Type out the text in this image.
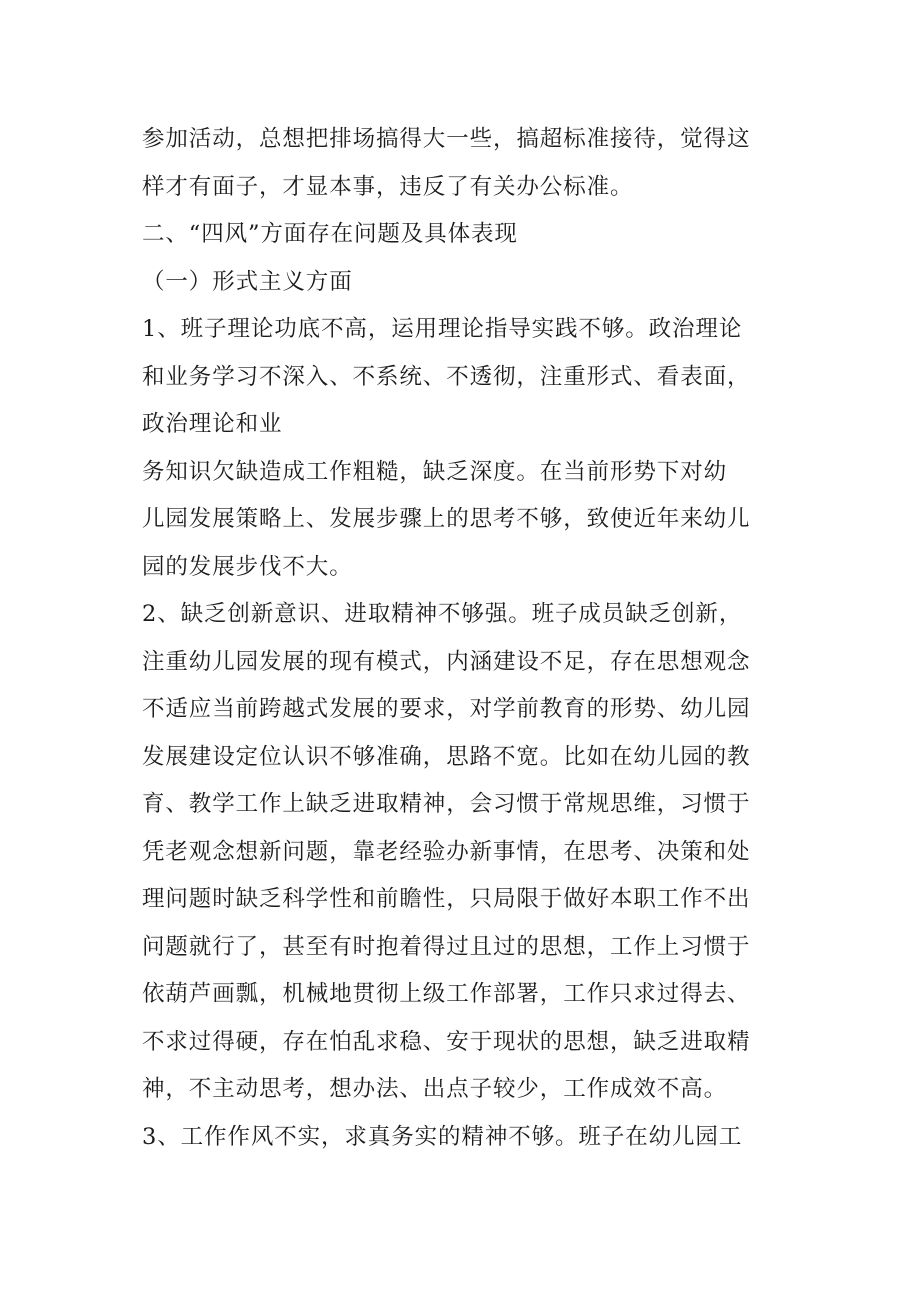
参加活动，总想把排场搞得大一些，搞超标准接待，觉得这
样才有面子，才显本事，违反了有关办公标准。
二、“四风”方面存在问题及具体表现
（一）形式主义方面
1、班子理论功底不高，运用理论指导实践不够。政治理论
和业务学习不深入、不系统、不透彻，注重形式、看表面，
政治理论和业
务知识欠缺造成工作粗糙，缺乏深度。在当前形势下对幼
儿园发展策略上、发展步骤上的思考不够，致使近年来幼儿
园的发展步伐不大。
2、缺乏创新意识、进取精神不够强。班子成员缺乏创新，
注重幼儿园发展的现有模式，内涵建设不足，存在思想观念
不适应当前跨越式发展的要求，对学前教育的形势、幼儿园
发展建设定位认识不够准确，思路不宽。比如在幼儿园的教
育、教学工作上缺乏进取精神，会习惯于常规思维，习惯于
凭老观念想新问题，靠老经验办新事情，在思考、决策和处
理问题时缺乏科学性和前瞻性，只局限于做好本职工作不出
问题就行了，甚至有时抱着得过且过的思想，工作上习惯于
依葫芦画瓢，机械地贯彻上级工作部署，工作只求过得去、
不求过得硬，存在怕乱求稳、安于现状的思想，缺乏进取精
神，不主动思考，想办法、出点子较少，工作成效不高。
3、工作作风不实，求真务实的精神不够。班子在幼儿园工
